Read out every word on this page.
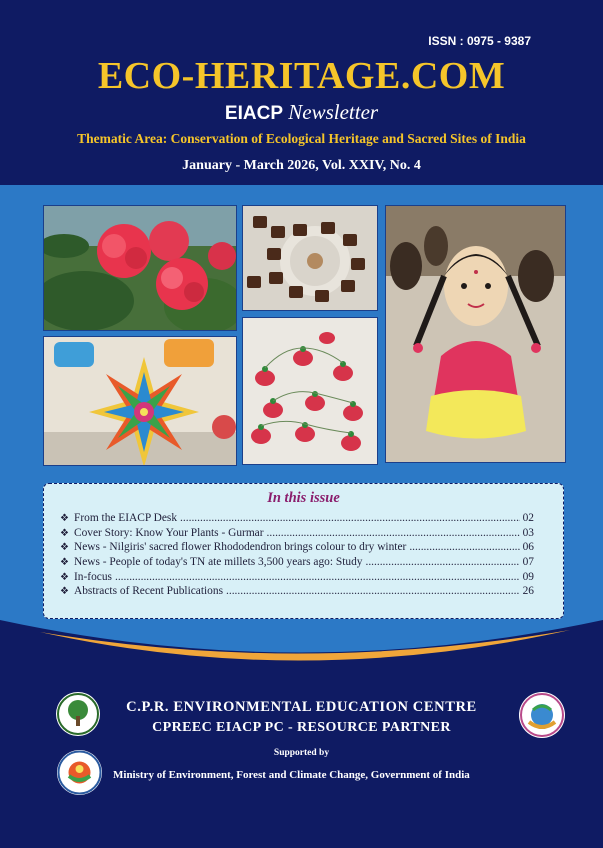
ISSN : 0975 - 9387
ECO-HERITAGE.COM
EIACP Newsletter
Thematic Area: Conservation of Ecological Heritage and Sacred Sites of India
January - March 2026, Vol. XXIV, No. 4
In this issue
❖ From the EIACP Desk .....	02
❖ Cover Story: Know Your Plants - Gurmar .....	03
❖ News - Nilgiris' sacred flower Rhododendron brings colour to dry winter .....	06
❖ News - People of today's TN ate millets 3,500 years ago: Study .....	07
❖ In-focus .....	09
❖ Abstracts of Recent Publications .....	26
C.P.R. ENVIRONMENTAL EDUCATION CENTRE
CPREEC EIACP PC - RESOURCE PARTNER
Supported by
Ministry of Environment, Forest and Climate Change, Government of India
